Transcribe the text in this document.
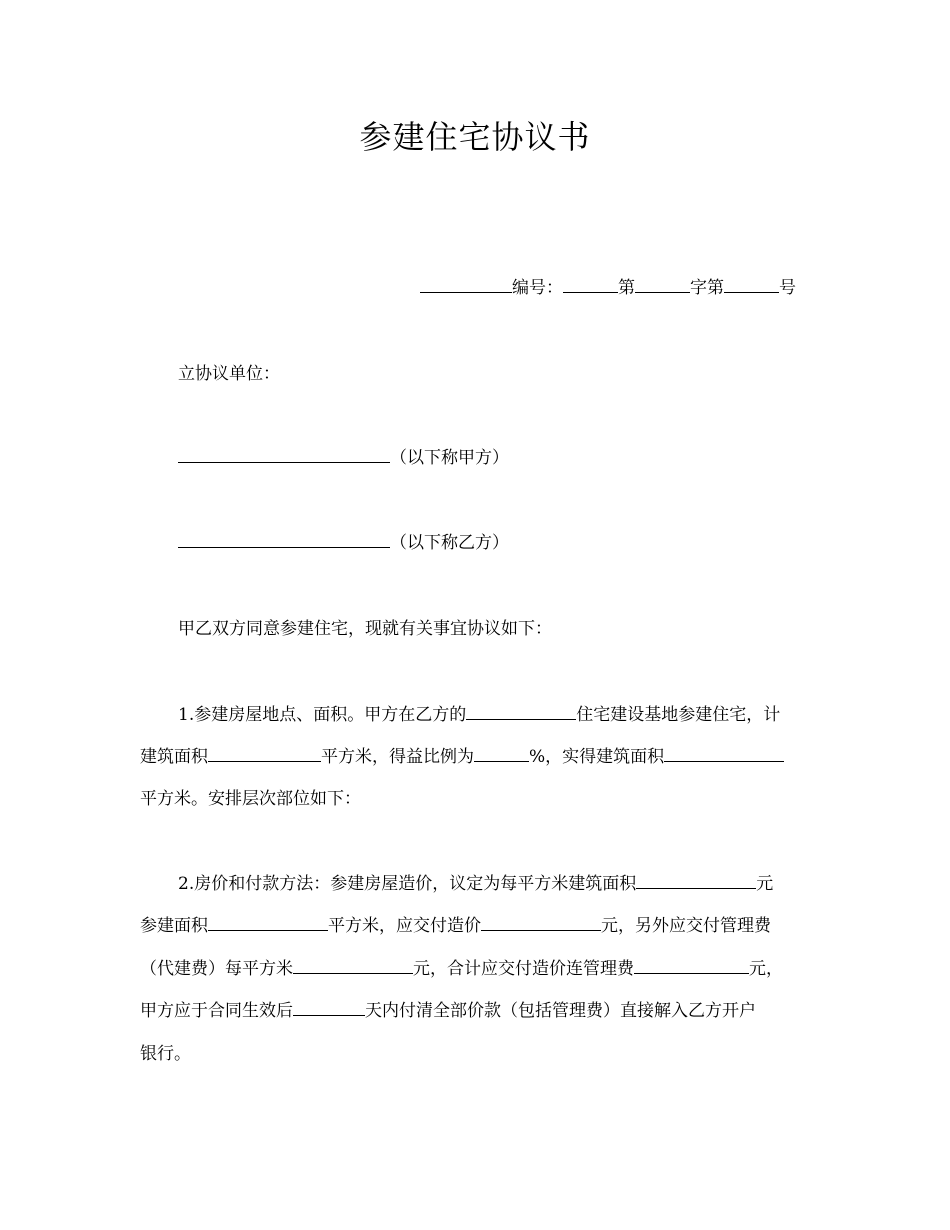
参建住宅协议书
编号：	第	字第	号
立协议单位：
（以下称甲方）
（以下称乙方）
甲乙双方同意参建住宅，现就有关事宜协议如下：
1.参建房屋地点、面积。甲方在乙方的	住宅建设基地参建住宅，计
建筑面积	平方米，得益比例为	%，实得建筑面积
平方米。安排层次部位如下：
2.房价和付款方法：参建房屋造价，议定为每平方米建筑面积	元
参建面积	平方米，应交付造价	元，另外应交付管理费
（代建费）每平方米	元，合计应交付造价连管理费	元，
甲方应于合同生效后	天内付清全部价款（包括管理费）直接解入乙方开户
银行。
